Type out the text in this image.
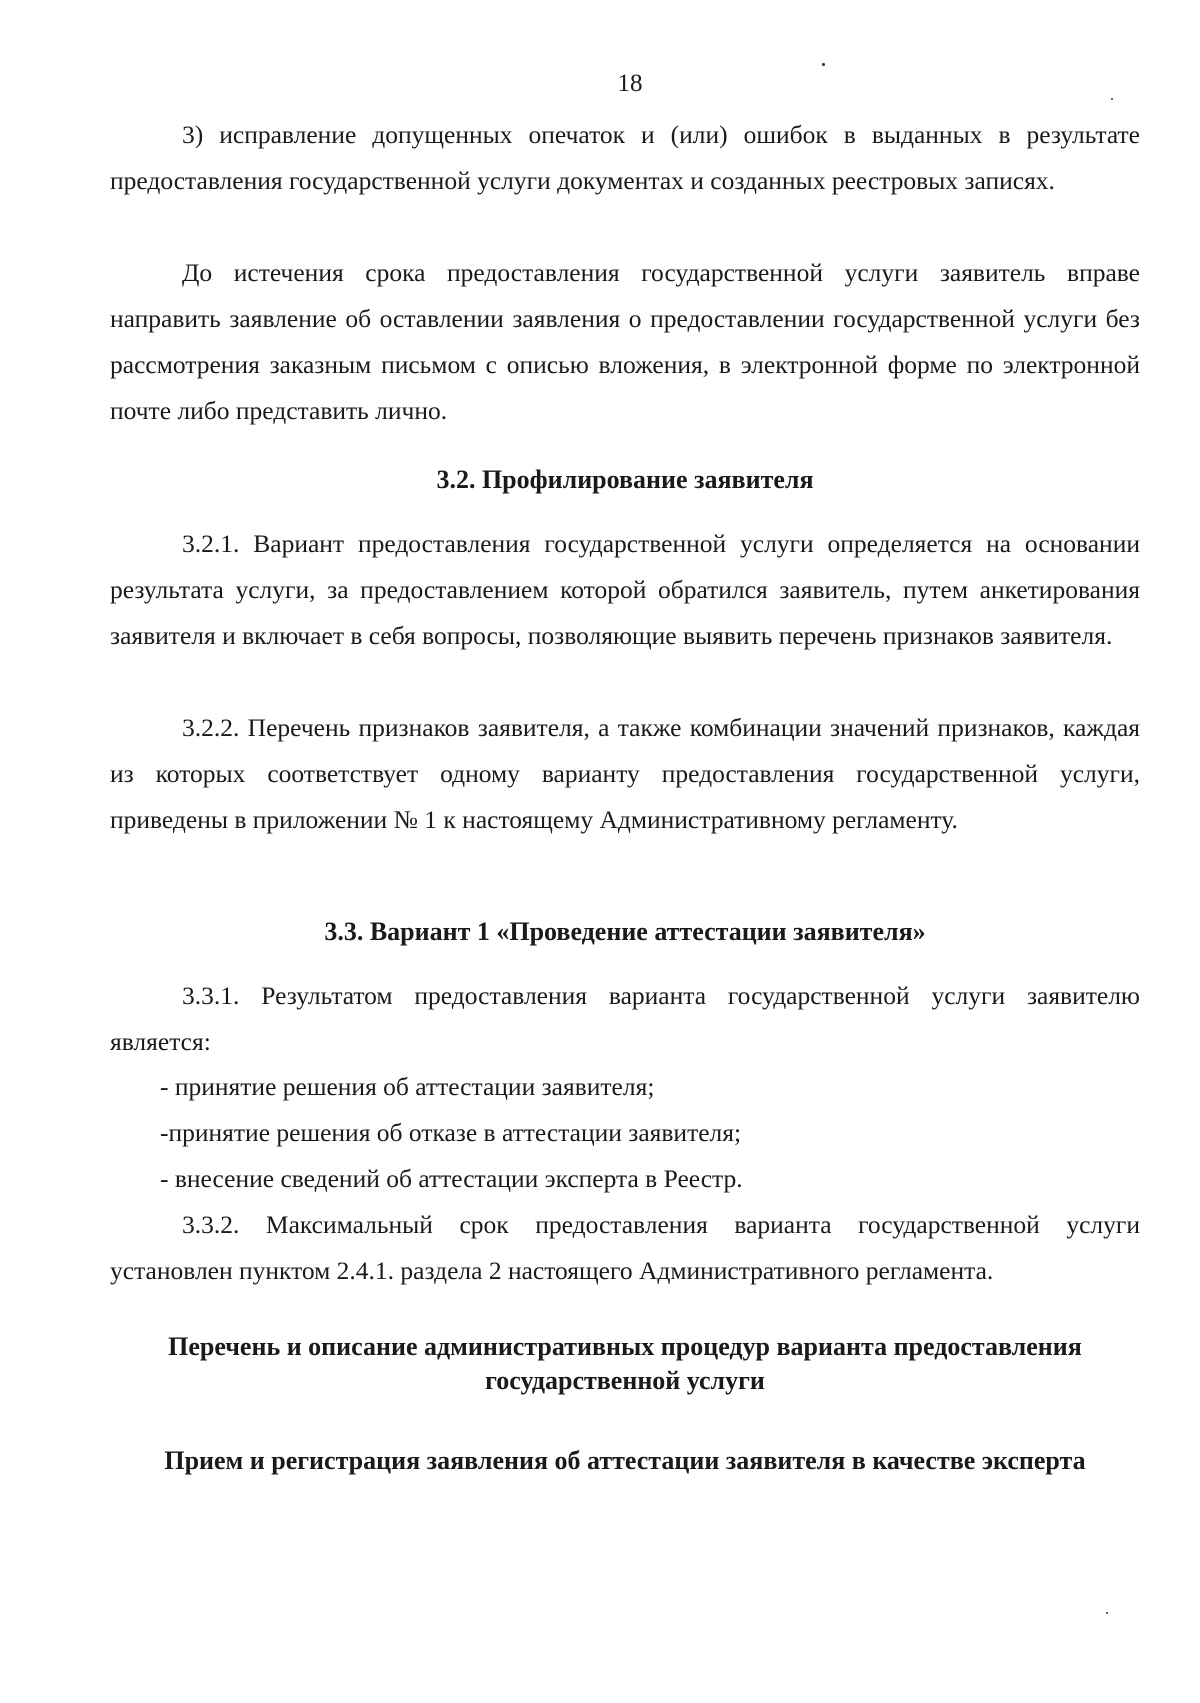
18

3) исправление допущенных опечаток и (или) ошибок в выданных в результате предоставления государственной услуги документах и созданных реестровых записях.

До истечения срока предоставления государственной услуги заявитель вправе направить заявление об оставлении заявления о предоставлении государственной услуги без рассмотрения заказным письмом с описью вложения, в электронной форме по электронной почте либо представить лично.

3.2. Профилирование заявителя

3.2.1. Вариант предоставления государственной услуги определяется на основании результата услуги, за предоставлением которой обратился заявитель, путем анкетирования заявителя и включает в себя вопросы, позволяющие выявить перечень признаков заявителя.

3.2.2. Перечень признаков заявителя, а также комбинации значений признаков, каждая из которых соответствует одному варианту предоставления государственной услуги, приведены в приложении № 1 к настоящему Административному регламенту.

3.3. Вариант 1 «Проведение аттестации заявителя»

3.3.1. Результатом предоставления варианта государственной услуги заявителю является:

- принятие решения об аттестации заявителя;

-принятие решения об отказе в аттестации заявителя;

- внесение сведений об аттестации эксперта в Реестр.

3.3.2. Максимальный срок предоставления варианта государственной услуги установлен пунктом 2.4.1. раздела 2 настоящего Административного регламента.

Перечень и описание административных процедур варианта предоставления
государственной услуги
Прием и регистрация заявления об аттестации заявителя в качестве эксперта
